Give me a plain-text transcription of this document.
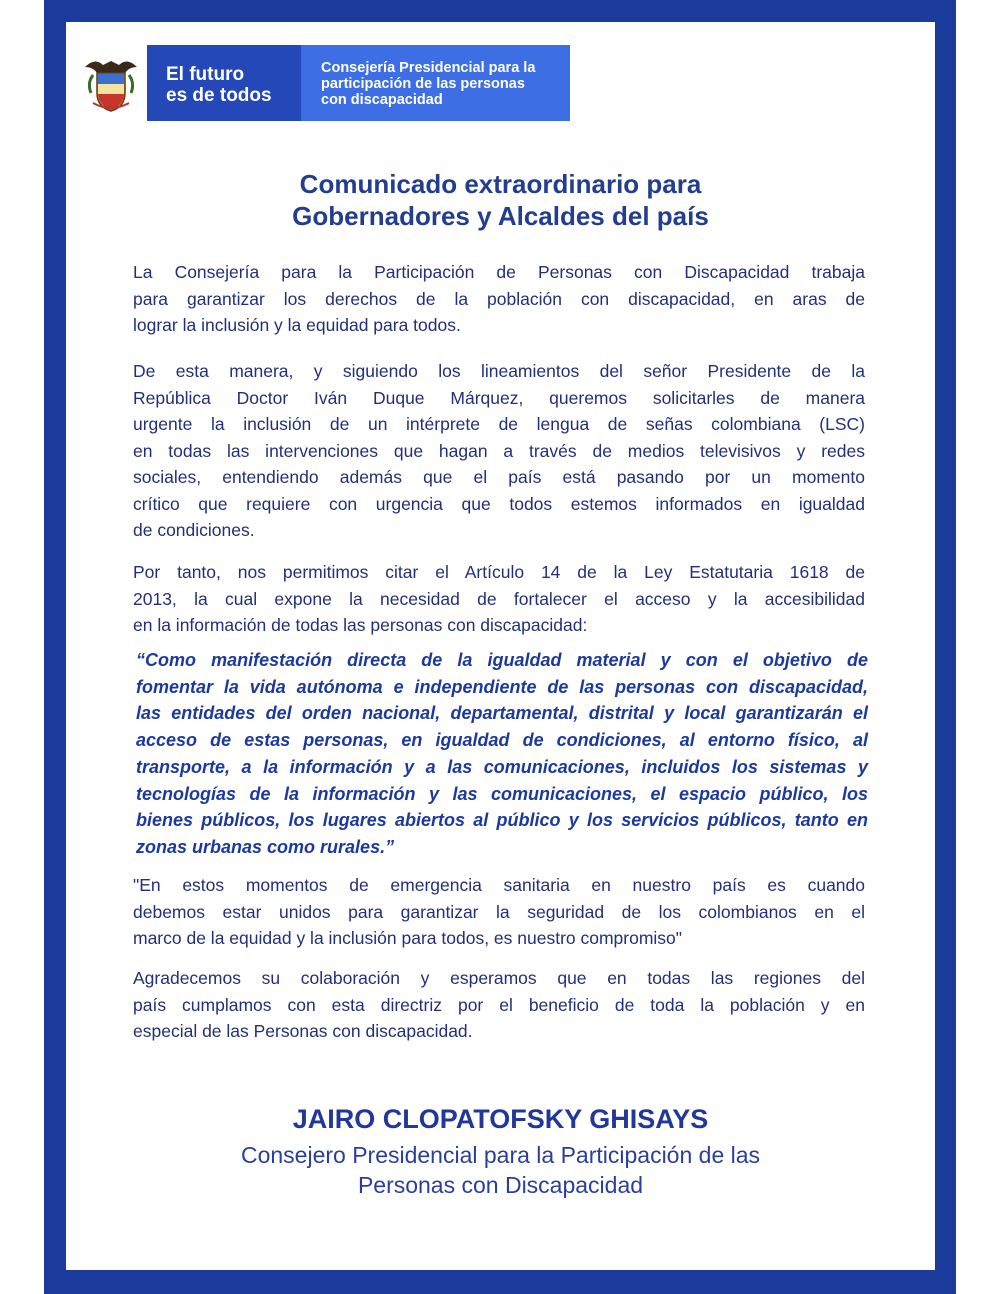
El futuro
es de todos
Consejería Presidencial para la
participación de las personas
con discapacidad
Comunicado extraordinario para
Gobernadores y Alcaldes del país
La Consejería para la Participación de Personas con Discapacidad trabaja
para garantizar los derechos de la población con discapacidad, en aras de
lograr la inclusión y la equidad para todos.
De esta manera, y siguiendo los lineamientos del señor Presidente de la
República Doctor Iván Duque Márquez, queremos solicitarles de manera
urgente la inclusión de un intérprete de lengua de señas colombiana (LSC)
en todas las intervenciones que hagan a través de medios televisivos y redes
sociales, entendiendo además que el país está pasando por un momento
crítico que requiere con urgencia que todos estemos informados en igualdad
de condiciones.
Por tanto, nos permitimos citar el Artículo 14 de la Ley Estatutaria 1618 de
2013, la cual expone la necesidad de fortalecer el acceso y la accesibilidad
en la información de todas las personas con discapacidad:
“Como manifestación directa de la igualdad material y con el objetivo de
fomentar la vida autónoma e independiente de las personas con discapacidad,
las entidades del orden nacional, departamental, distrital y local garantizarán el
acceso de estas personas, en igualdad de condiciones, al entorno físico, al
transporte, a la información y a las comunicaciones, incluidos los sistemas y
tecnologías de la información y las comunicaciones, el espacio público, los
bienes públicos, los lugares abiertos al público y los servicios públicos, tanto en
zonas urbanas como rurales.”
"En estos momentos de emergencia sanitaria en nuestro país es cuando
debemos estar unidos para garantizar la seguridad de los colombianos en el
marco de la equidad y la inclusión para todos, es nuestro compromiso"
Agradecemos su colaboración y esperamos que en todas las regiones del
país cumplamos con esta directriz por el beneficio de toda la población y en
especial de las Personas con discapacidad.
JAIRO CLOPATOFSKY GHISAYS
Consejero Presidencial para la Participación de las
Personas con Discapacidad
